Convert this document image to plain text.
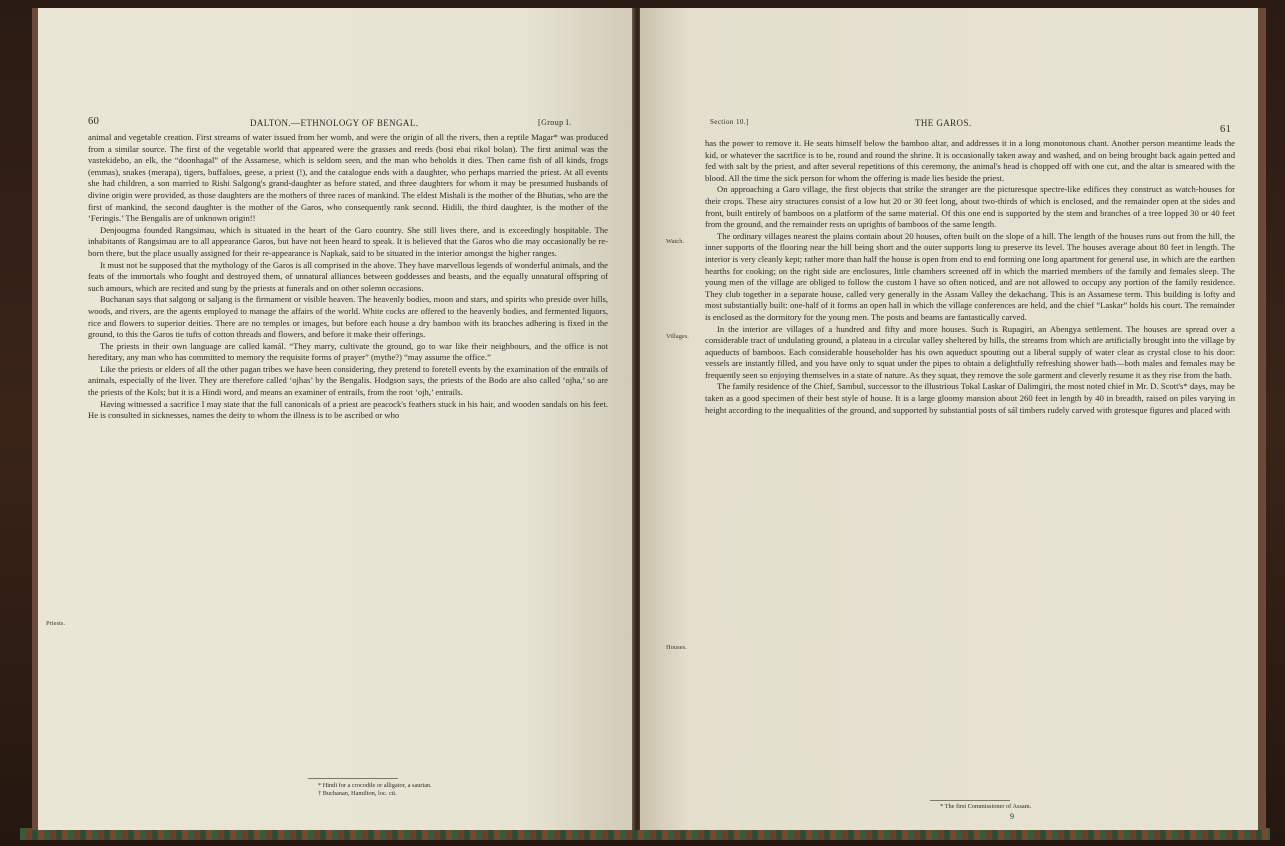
60	DALTON.—ETHNOLOGY OF BENGAL.	[Group I.

animal and vegetable creation. First streams of water issued from her womb, and were the origin of all the rivers, then a reptile Magar* was produced from a similar source. The first of the vegetable world that appeared were the grasses and reeds (bosi ebai rikol bolan). The first animal was the vastekidebo, an elk, the “doonhagal” of the Assamese, which is seldom seen, and the man who beholds it dies. Then came fish of all kinds, frogs (emmas), snakes (merapa), tigers, buffaloes, geese, a priest (!), and the catalogue ends with a daughter, who perhaps married the priest. At all events she had children, a son married to Rishi Salgong's grand-daughter as before stated, and three daughters for whom it may be presumed husbands of divine origin were provided, as those daughters are the mothers of three races of mankind. The eldest Mishali is the mother of the Bhutias, who are the first of mankind, the second daughter is the mother of the Garos, who consequently rank second. Hidili, the third daughter, is the mother of the ‘Feringis.’ The Bengalis are of unknown origin!!

Denjougma founded Rangsimau, which is situated in the heart of the Garo country. She still lives there, and is exceedingly hospitable. The inhabitants of Rangsimau are to all appearance Garos, but have not been heard to speak. It is believed that the Garos who die may occasionally be re-born there, but the place usually assigned for their re-appearance is Napkak, said to be situated in the interior amongst the higher ranges.

It must not be supposed that the mythology of the Garos is all comprised in the above. They have marvellous legends of wonderful animals, and the feats of the immortals who fought and destroyed them, of unnatural alliances between goddesses and beasts, and the equally unnatural offspring of such amours, which are recited and sung by the priests at funerals and on other solemn occasions.

Buchanan says that salgong or saljang is the firmament or visible heaven. The heavenly bodies, moon and stars, and spirits who preside over hills, woods, and rivers, are the agents employed to manage the affairs of the world. White cocks are offered to the heavenly bodies, and fermented liquors, rice and flowers to superior deities. There are no temples or images, but before each house a dry bamboo with its branches adhering is fixed in the ground, to this the Garos tie tufts of cotton threads and flowers, and before it make their offerings.

The priests in their own language are called kamál. “They marry, cultivate the ground, go to war like their neighbours, and the office is not hereditary, any man who has committed to memory the requisite forms of prayer” (mythe?) “may assume the office.”

Like the priests or elders of all the other pagan tribes we have been considering, they pretend to foretell events by the examination of the entrails of animals, especially of the liver. They are therefore called ‘ojhas’ by the Bengalis. Hodgson says, the priests of the Bodo are also called ‘ojha,’ so are the priests of the Kols; but it is a Hindi word, and means an examiner of entrails, from the root ‘ojh,’ entrails.

Having witnessed a sacrifice I may state that the full canonicals of a priest are peacock's feathers stuck in his hair, and wooden sandals on his feet. He is consulted in sicknesses, names the deity to whom the illness is to be ascribed or who

Priests.
* Hindi for a crocodile or alligator, a saurian.
† Buchanan, Hamilton, loc. cit.
Section 10.]	THE GAROS.
61

has the power to remove it. He seats himself below the bamboo altar, and addresses it in a long monotonous chant. Another person meantime leads the kid, or whatever the sacrifice is to be, round and round the shrine. It is occasionally taken away and washed, and on being brought back again petted and fed with salt by the priest, and after several repetitions of this ceremony, the animal's head is chopped off with one cut, and the altar is smeared with the blood. All the time the sick person for whom the offering is made lies beside the priest.

On approaching a Garo village, the first objects that strike the stranger are the picturesque spectre-like edifices they construct as watch-houses for their crops. These airy structures consist of a low hut 20 or 30 feet long, about two-thirds of which is enclosed, and the remainder open at the sides and front, built entirely of bamboos on a platform of the same material. Of this one end is supported by the stem and branches of a tree lopped 30 or 40 feet from the ground, and the remainder rests on uprights of bamboos of the same length.

The ordinary villages nearest the plains contain about 20 houses, often built on the slope of a hill. The length of the houses runs out from the hill, the inner supports of the flooring near the hill being short and the outer supports long to preserve its level. The houses average about 80 feet in length. The interior is very cleanly kept; rather more than half the house is open from end to end forming one long apartment for general use, in which are the earthen hearths for cooking; on the right side are enclosures, little chambers screened off in which the married members of the family and females sleep. The young men of the village are obliged to follow the custom I have so often noticed, and are not allowed to occupy any portion of the family residence. They club together in a separate house, called very generally in the Assam Valley the dekachang. This is an Assamese term. This building is lofty and most substantially built: one-half of it forms an open hall in which the village conferences are held, and the chief “Laskar” holds his court. The remainder is enclosed as the dormitory for the young men. The posts and beams are fantastically carved.

In the interior are villages of a hundred and fifty and more houses. Such is Rupagiri, an Abengya settlement. The houses are spread over a considerable tract of undulating ground, a plateau in a circular valley sheltered by hills, the streams from which are artificially brought into the village by aqueducts of bamboos. Each considerable householder has his own aqueduct spouting out a liberal supply of water clear as crystal close to his door: vessels are instantly filled, and you have only to squat under the pipes to obtain a delightfully refreshing shower bath—both males and females may be frequently seen so enjoying themselves in a state of nature. As they squat, they remove the sole garment and cleverly resume it as they rise from the bath.

The family residence of the Chief, Sambul, successor to the illustrious Tokal Laskar of Dalimgiri, the most noted chief in Mr. D. Scott's* days, may be taken as a good specimen of their best style of house. It is a large gloomy mansion about 260 feet in length by 40 in breadth, raised on piles varying in height according to the inequalities of the ground, and supported by substantial posts of sál timbers rudely carved with grotesque figures and placed with

Watch.
Villages.
Houses.
* The first Commissioner of Assam.
9
